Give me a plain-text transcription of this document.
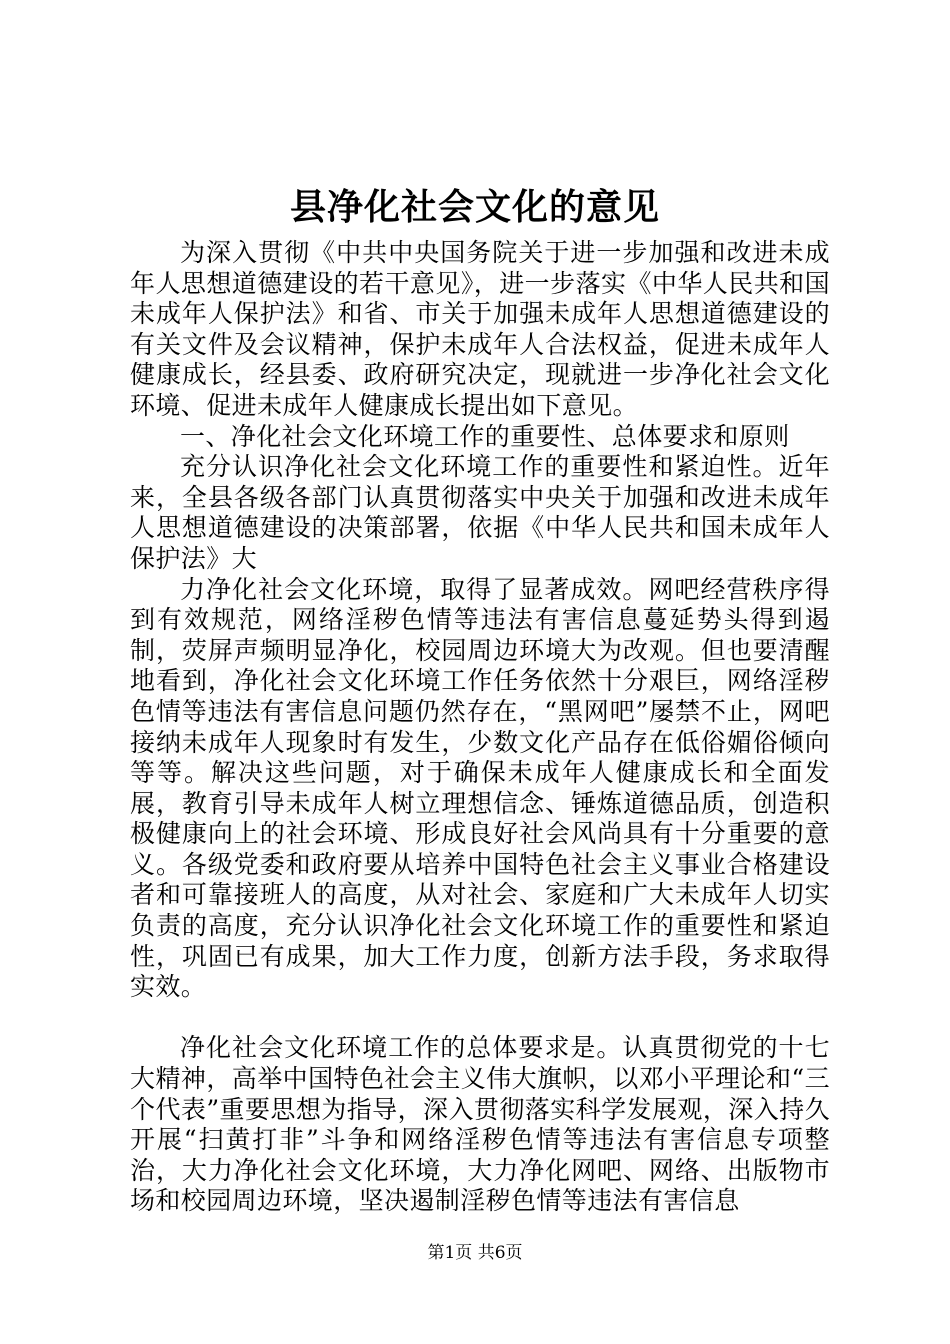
县净化社会文化的意见

为深入贯彻《中共中央国务院关于进一步加强和改进未成年人思想道德建设的若干意见》，进一步落实《中华人民共和国未成年人保护法》和省、市关于加强未成年人思想道德建设的有关文件及会议精神，保护未成年人合法权益，促进未成年人健康成长，经县委、政府研究决定，现就进一步净化社会文化环境、促进未成年人健康成长提出如下意见。

一、净化社会文化环境工作的重要性、总体要求和原则

充分认识净化社会文化环境工作的重要性和紧迫性。近年来，全县各级各部门认真贯彻落实中央关于加强和改进未成年人思想道德建设的决策部署，依据《中华人民共和国未成年人保护法》大

力净化社会文化环境，取得了显著成效。网吧经营秩序得到有效规范，网络淫秽色情等违法有害信息蔓延势头得到遏制，荧屏声频明显净化，校园周边环境大为改观。但也要清醒地看到，净化社会文化环境工作任务依然十分艰巨，网络淫秽色情等违法有害信息问题仍然存在，“黑网吧”屡禁不止，网吧接纳未成年人现象时有发生，少数文化产品存在低俗媚俗倾向等等。解决这些问题，对于确保未成年人健康成长和全面发展，教育引导未成年人树立理想信念、锤炼道德品质，创造积极健康向上的社会环境、形成良好社会风尚具有十分重要的意义。各级党委和政府要从培养中国特色社会主义事业合格建设者和可靠接班人的高度，从对社会、家庭和广大未成年人切实负责的高度，充分认识净化社会文化环境工作的重要性和紧迫性，巩固已有成果，加大工作力度，创新方法手段，务求取得实效。

净化社会文化环境工作的总体要求是。认真贯彻党的十七大精神，高举中国特色社会主义伟大旗帜，以邓小平理论和“三个代表”重要思想为指导，深入贯彻落实科学发展观，深入持久开展“扫黄打非”斗争和网络淫秽色情等违法有害信息专项整治，大力净化社会文化环境，大力净化网吧、网络、出版物市场和校园周边环境，坚决遏制淫秽色情等违法有害信息

第1页 共6页
